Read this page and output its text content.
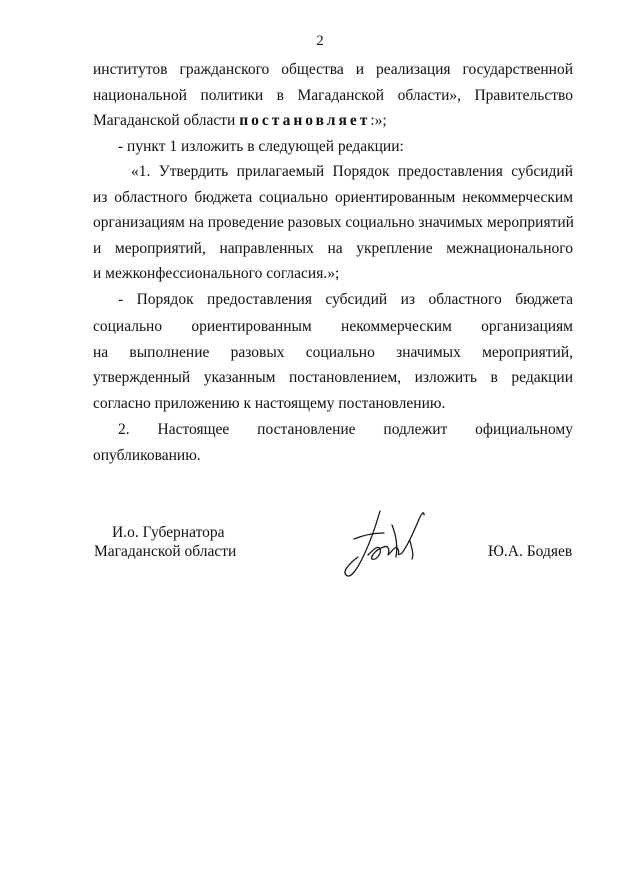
2
институтов гражданского общества и реализация государственной
национальной политики в Магаданской области», Правительство
Магаданской области постановляет:»;
- пункт 1 изложить в следующей редакции:
«1. Утвердить прилагаемый Порядок предоставления субсидий
из областного бюджета социально ориентированным некоммерческим
организациям на проведение разовых социально значимых мероприятий
и мероприятий, направленных на укрепление межнационального
и межконфессионального согласия.»;
- Порядок предоставления субсидий из областного бюджета
социально ориентированным некоммерческим организациям
на выполнение разовых социально значимых мероприятий,
утвержденный указанным постановлением, изложить в редакции
согласно приложению к настоящему постановлению.
2. Настоящее постановление подлежит официальному
опубликованию.
И.о. Губернатора
Магаданской области	Ю.А. Бодяев
